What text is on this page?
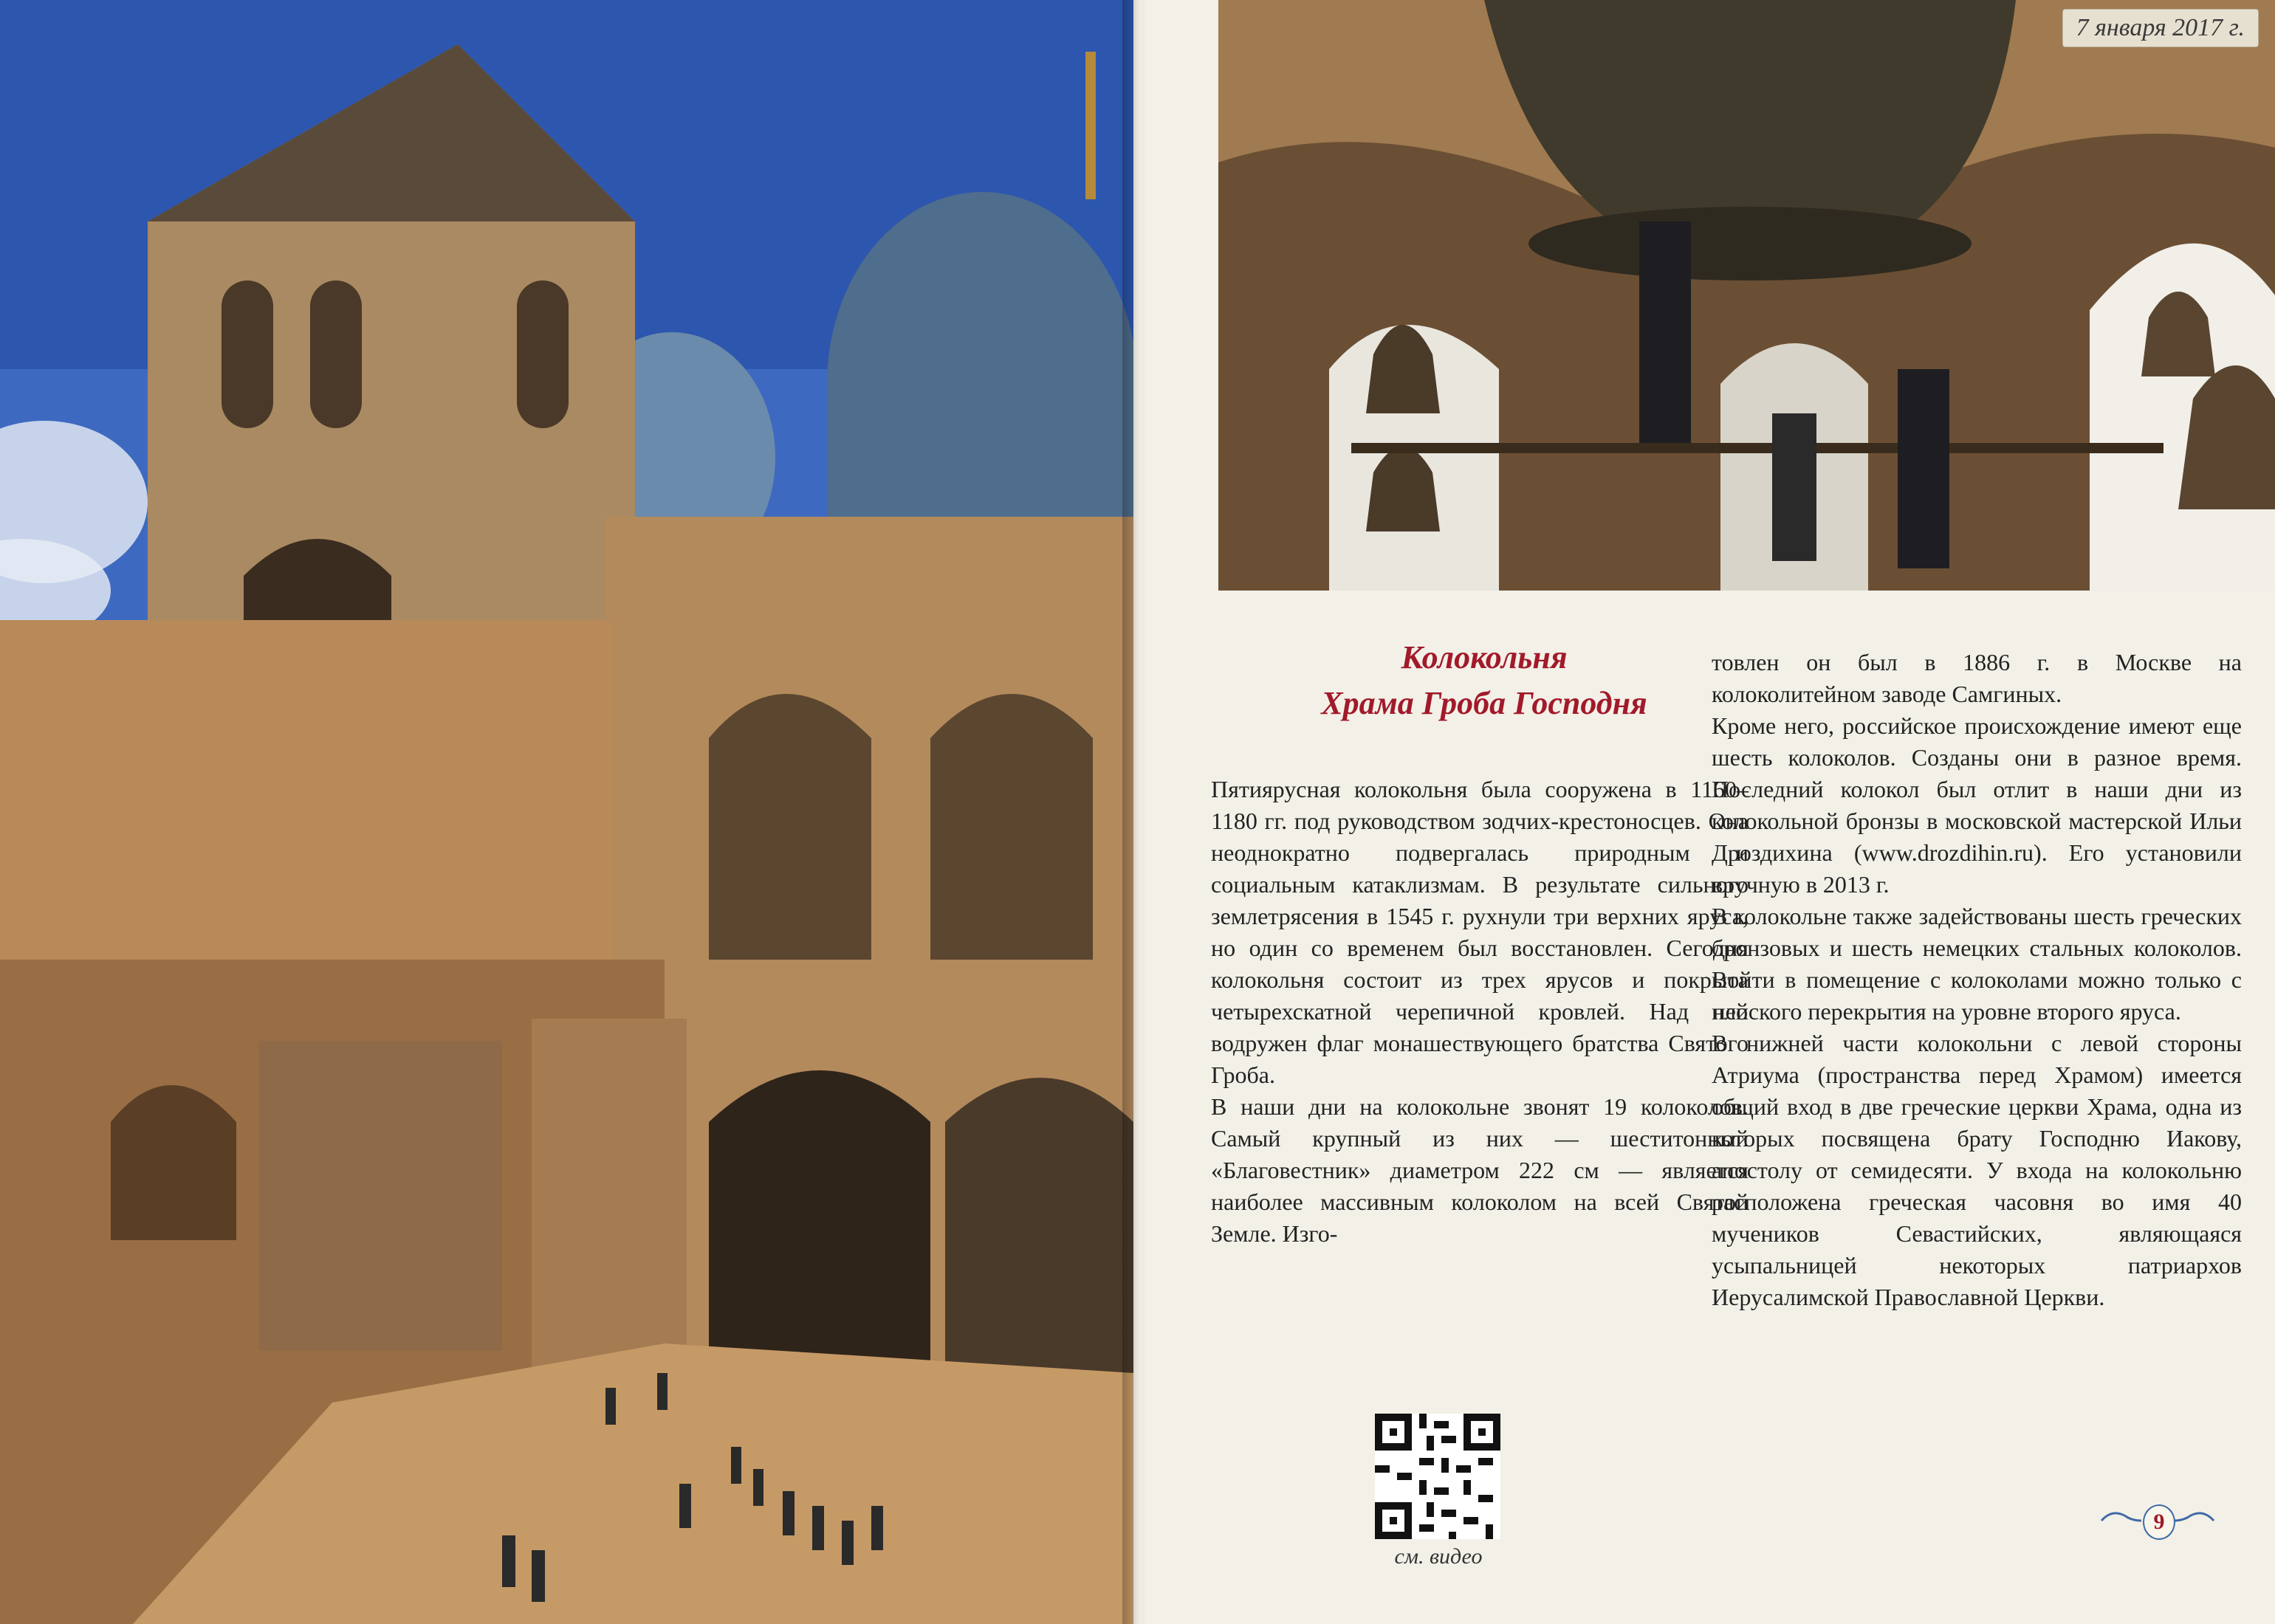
7 января 2017 г.
Колокольня
Храма Гроба Господня

Пятиярусная колокольня была сооружена в 1160–1180 гг. под руководством зодчих-крестоносцев. Она неоднократно подвергалась природным и социальным катаклизмам. В результате сильного землетрясения в 1545 г. рухнули три верхних яруса, но один со временем был восстановлен. Сегодня колокольня состоит из трех ярусов и покрыта четырехскатной черепичной кровлей. Над ней водружен флаг монашествующего братства Святого Гроба.

В наши дни на колокольне звонят 19 колоколов. Самый крупный из них — шеститонный «Благовестник» диаметром 222 см — является наиболее массивным колоколом на всей Святой Земле. Изго-

товлен он был в 1886 г. в Москве на колоколитейном заводе Самгиных.

Кроме него, российское происхождение имеют еще шесть колоколов. Созданы они в разное время. Последний колокол был отлит в наши дни из колокольной бронзы в московской мастерской Ильи Дроздихина (www.drozdihin.ru). Его установили вручную в 2013 г.

В колокольне также задействованы шесть греческих бронзовых и шесть немецких стальных колоколов. Войти в помещение с колоколами можно только с плоского перекрытия на уровне второго яруса.

В нижней части колокольни с левой стороны Атриума (пространства перед Храмом) имеется общий вход в две греческие церкви Храма, одна из которых посвящена брату Господню Иакову, апостолу от семидесяти. У входа на колокольню расположена греческая часовня во имя 40 мучеников Севастийских, являющаяся усыпальницей некоторых патриархов Иерусалимской Православной Церкви.

см. видео
9
